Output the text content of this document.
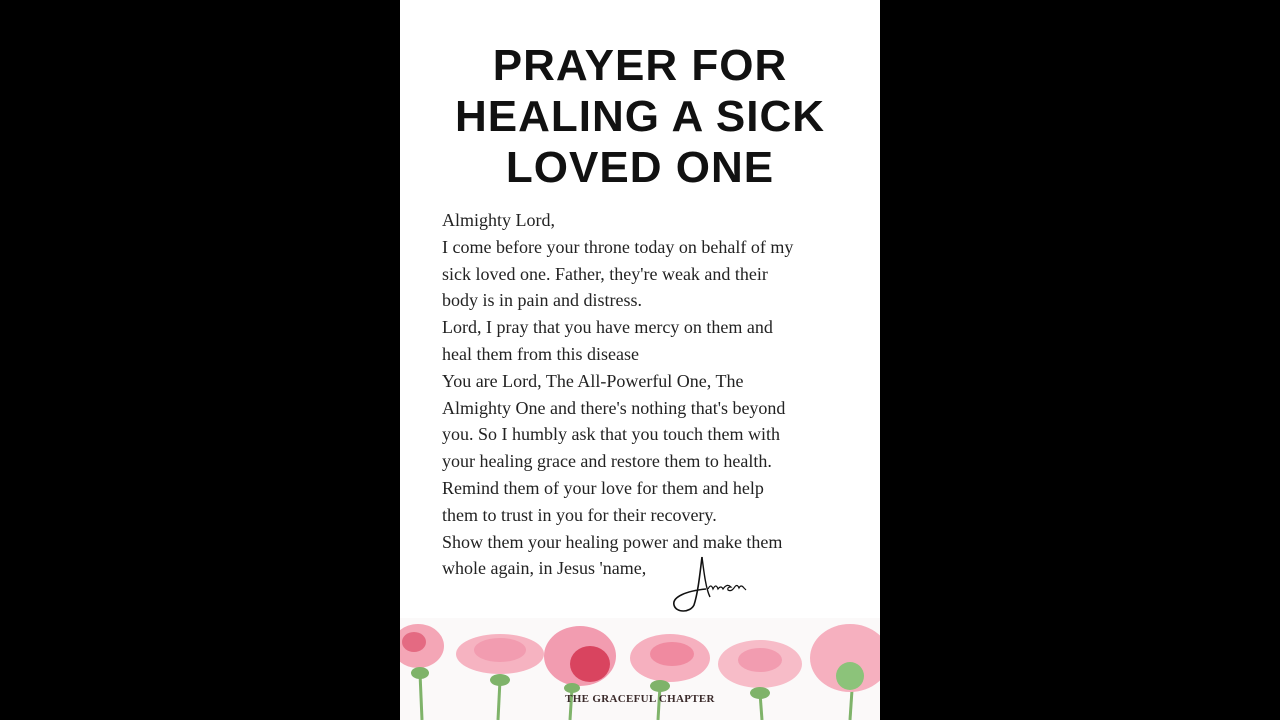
PRAYER FOR
HEALING A SICK
LOVED ONE
Almighty Lord,
I come before your throne today on behalf of my
sick loved one. Father, they're weak and their
body is in pain and distress.
Lord, I pray that you have mercy on them and
heal them from this disease
You are Lord, The All-Powerful One, The
Almighty One and there's nothing that's beyond
you. So I humbly ask that you touch them with
your healing grace and restore them to health.
Remind them of your love for them and help
them to trust in you for their recovery.
Show them your healing power and make them
whole again, in Jesus 'name,
THE GRACEFUL CHAPTER
